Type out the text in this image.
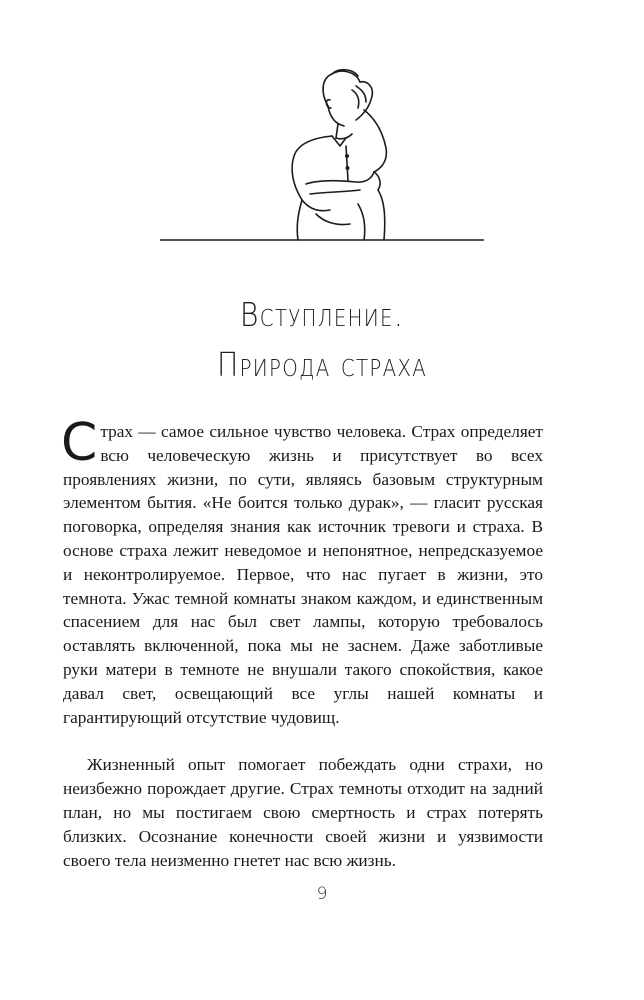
Вступление.
Природа страха

Страх — самое сильное чувство человека. Страх определяет всю человеческую жизнь и присутствует во всех проявлениях жизни, по сути, являясь базовым структурным элементом бытия. «Не боится только дурак», — гласит русская поговорка, определяя знания как источник тревоги и страха. В основе страха лежит неведомое и непонятное, непредсказуемое и неконтролируемое. Первое, что нас пугает в жизни, это темнота. Ужас темной комнаты знаком каждом, и единственным спасением для нас был свет лампы, которую требовалось оставлять включенной, пока мы не заснем. Даже заботливые руки матери в темноте не внушали такого спокойствия, какое давал свет, освещающий все углы нашей комнаты и гарантирующий отсутствие чудовищ.

Жизненный опыт помогает побеждать одни страхи, но неизбежно порождает другие. Страх темноты отходит на задний план, но мы постигаем свою смертность и страх потерять близких. Осознание конечности своей жизни и уязвимости своего тела неизменно гнетет нас всю жизнь.

9
